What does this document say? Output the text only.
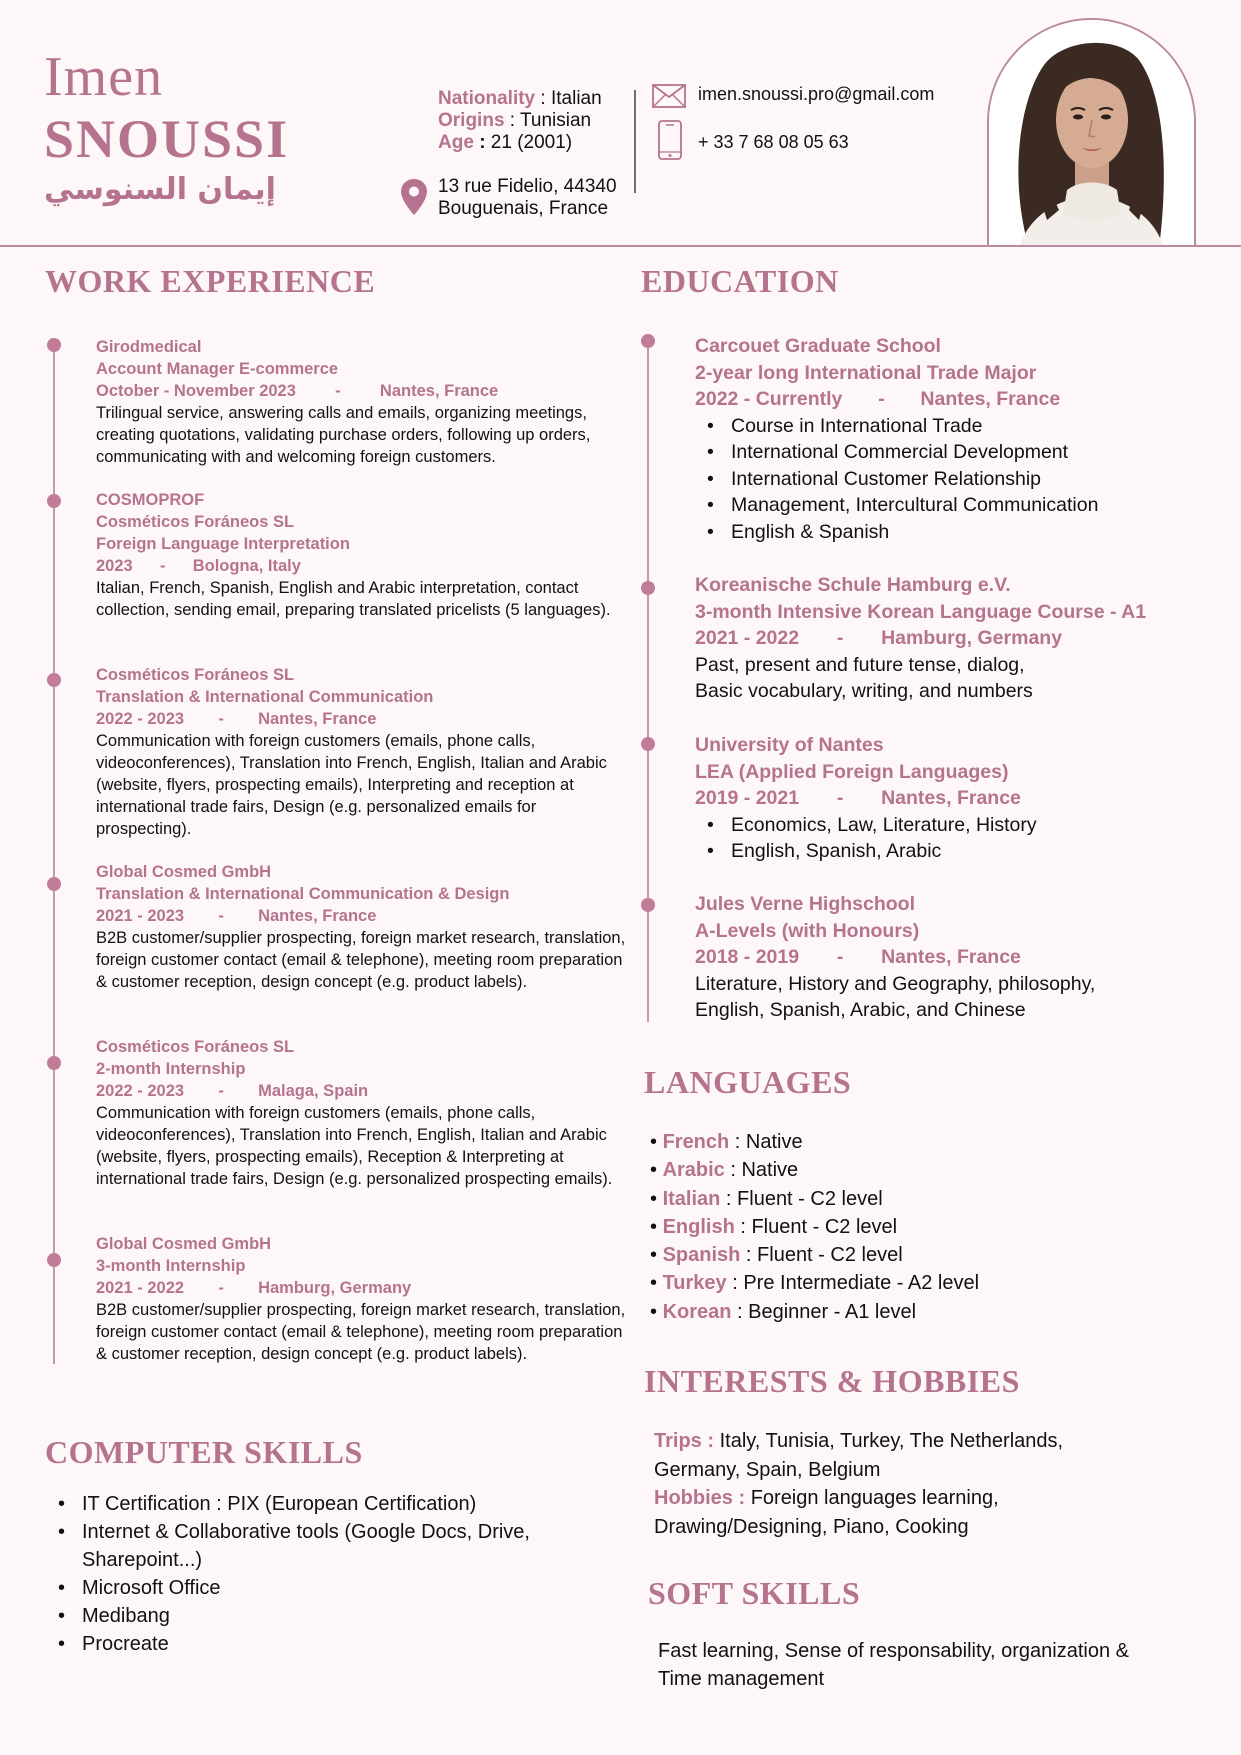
Imen
SNOUSSI
إيمان السنوسي
Nationality : Italian
Origins : Tunisian
Age : 21 (2001)
13 rue Fidelio, 44340
Bouguenais, France
imen.snoussi.pro@gmail.com
+ 33 7 68 08 05 63
WORK EXPERIENCE
Girodmedical
Account Manager E-commerce
October - November 2023 - Nantes, France
Trilingual service, answering calls and emails, organizing meetings, creating quotations, validating purchase orders, following up orders, communicating with and welcoming foreign customers.
COSMOPROF
Cosméticos Foráneos SL
Foreign Language Interpretation
2023 - Bologna, Italy
Italian, French, Spanish, English and Arabic interpretation, contact collection, sending email, preparing translated pricelists (5 languages).
Cosméticos Foráneos SL
Translation & International Communication
2022 - 2023 - Nantes, France
Communication with foreign customers (emails, phone calls, videoconferences), Translation into French, English, Italian and Arabic (website, flyers, prospecting emails), Interpreting and reception at international trade fairs, Design (e.g. personalized emails for prospecting).
Global Cosmed GmbH
Translation & International Communication & Design
2021 - 2023 - Nantes, France
B2B customer/supplier prospecting, foreign market research, translation, foreign customer contact (email & telephone), meeting room preparation & customer reception, design concept (e.g. product labels).
Cosméticos Foráneos SL
2-month Internship
2022 - 2023 - Malaga, Spain
Communication with foreign customers (emails, phone calls, videoconferences), Translation into French, English, Italian and Arabic (website, flyers, prospecting emails), Reception & Interpreting at international trade fairs, Design (e.g. personalized prospecting emails).
Global Cosmed GmbH
3-month Internship
2021 - 2022 - Hamburg, Germany
B2B customer/supplier prospecting, foreign market research, translation, foreign customer contact (email & telephone), meeting room preparation & customer reception, design concept (e.g. product labels).
COMPUTER SKILLS
• IT Certification : PIX (European Certification)
• Internet & Collaborative tools (Google Docs, Drive,
Sharepoint...)
• Microsoft Office
• Medibang
• Procreate
EDUCATION
Carcouet Graduate School
2-year long International Trade Major
2022 - Currently - Nantes, France
• Course in International Trade
• International Commercial Development
• International Customer Relationship
• Management, Intercultural Communication
• English & Spanish
Koreanische Schule Hamburg e.V.
3-month Intensive Korean Language Course - A1
2021 - 2022 - Hamburg, Germany
Past, present and future tense, dialog,
Basic vocabulary, writing, and numbers
University of Nantes
LEA (Applied Foreign Languages)
2019 - 2021 - Nantes, France
• Economics, Law, Literature, History
• English, Spanish, Arabic
Jules Verne Highschool
A-Levels (with Honours)
2018 - 2019 - Nantes, France
Literature, History and Geography, philosophy,
English, Spanish, Arabic, and Chinese
LANGUAGES
• French : Native
• Arabic : Native
• Italian : Fluent - C2 level
• English : Fluent - C2 level
• Spanish : Fluent - C2 level
• Turkey : Pre Intermediate - A2 level
• Korean : Beginner - A1 level
INTERESTS & HOBBIES
Trips : Italy, Tunisia, Turkey, The Netherlands,
Germany, Spain, Belgium
Hobbies : Foreign languages learning,
Drawing/Designing, Piano, Cooking
SOFT SKILLS
Fast learning, Sense of responsability, organization &
Time management
